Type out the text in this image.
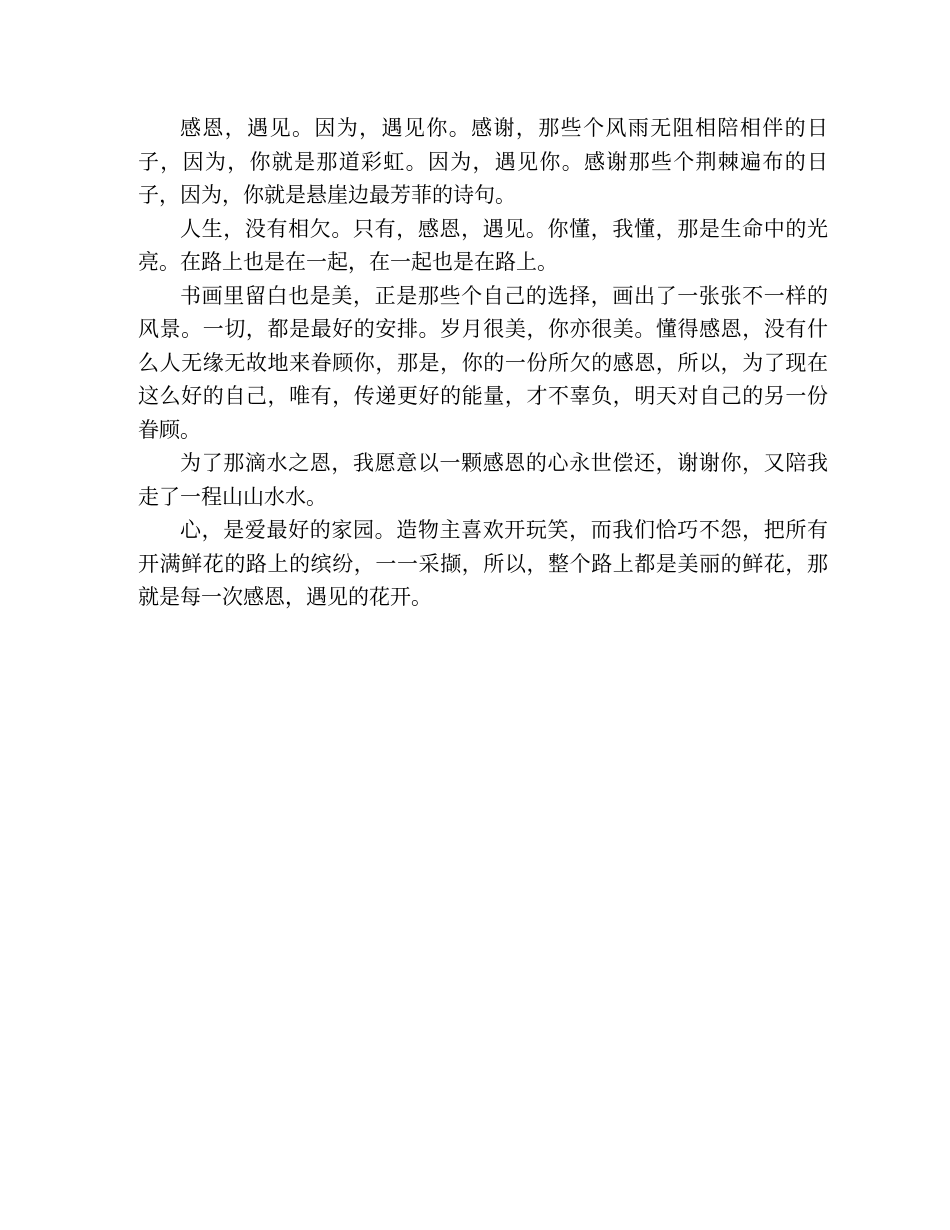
感恩，遇见。因为，遇见你。感谢，那些个风雨无阻相陪相伴的日子，因为，你就是那道彩虹。因为，遇见你。感谢那些个荆棘遍布的日子，因为，你就是悬崖边最芳菲的诗句。

人生，没有相欠。只有，感恩，遇见。你懂，我懂，那是生命中的光亮。在路上也是在一起，在一起也是在路上。

书画里留白也是美，正是那些个自己的选择，画出了一张张不一样的风景。一切，都是最好的安排。岁月很美，你亦很美。懂得感恩，没有什么人无缘无故地来眷顾你，那是，你的一份所欠的感恩，所以，为了现在这么好的自己，唯有，传递更好的能量，才不辜负，明天对自己的另一份眷顾。

为了那滴水之恩，我愿意以一颗感恩的心永世偿还，谢谢你，又陪我走了一程山山水水。

心，是爱最好的家园。造物主喜欢开玩笑，而我们恰巧不怨，把所有开满鲜花的路上的缤纷，一一采撷，所以，整个路上都是美丽的鲜花，那就是每一次感恩，遇见的花开。
